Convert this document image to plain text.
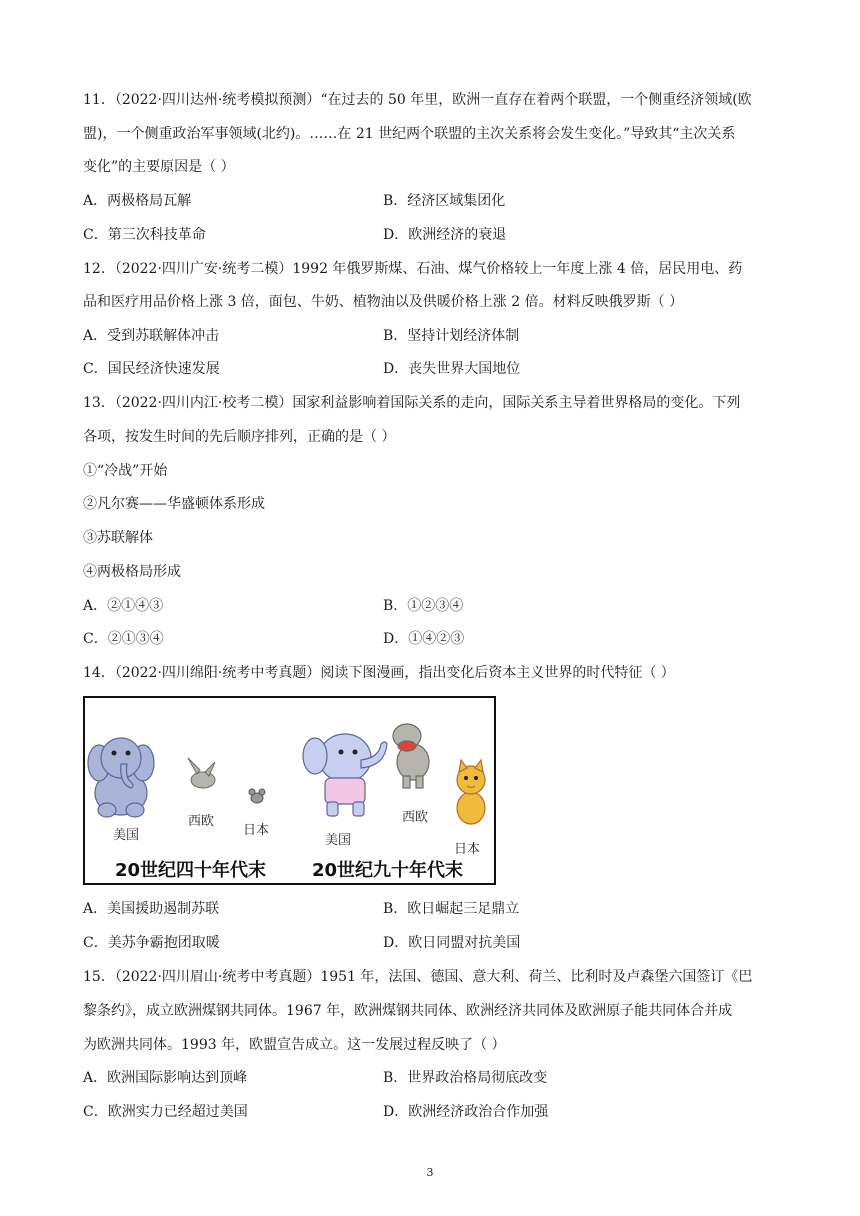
11．（2022·四川达州·统考模拟预测）“在过去的 50 年里，欧洲一直存在着两个联盟，一个侧重经济领域(欧
盟)，一个侧重政治军事领域(北约)。……在 21 世纪两个联盟的主次关系将会发生变化。”导致其“主次关系
变化”的主要原因是（ ）
A．两极格局瓦解	B．经济区域集团化
C．第三次科技革命	D．欧洲经济的衰退
12．（2022·四川广安·统考二模）1992 年俄罗斯煤、石油、煤气价格较上一年度上涨 4 倍，居民用电、药
品和医疗用品价格上涨 3 倍，面包、牛奶、植物油以及供暖价格上涨 2 倍。材料反映俄罗斯（ ）
A．受到苏联解体冲击	B．坚持计划经济体制
C．国民经济快速发展	D．丧失世界大国地位
13．（2022·四川内江·校考二模）国家利益影响着国际关系的走向，国际关系主导着世界格局的变化。下列
各项，按发生时间的先后顺序排列，正确的是（ ）
①“冷战”开始
②凡尔赛——华盛顿体系形成
③苏联解体
④两极格局形成
A．②①④③	B．①②③④
C．②①③④	D．①④②③
14．（2022·四川绵阳·统考中考真题）阅读下图漫画，指出变化后资本主义世界的时代特征（ ）
美国
西欧
日本
美国
西欧
日本
20世纪四十年代末	20世纪九十年代末
A．美国援助遏制苏联	B．欧日崛起三足鼎立
C．美苏争霸抱团取暖	D．欧日同盟对抗美国
15．（2022·四川眉山·统考中考真题）1951 年，法国、德国、意大利、荷兰、比利时及卢森堡六国签订《巴
黎条约》，成立欧洲煤钢共同体。1967 年，欧洲煤钢共同体、欧洲经济共同体及欧洲原子能共同体合并成
为欧洲共同体。1993 年，欧盟宣告成立。这一发展过程反映了（ ）
A．欧洲国际影响达到顶峰	B．世界政治格局彻底改变
C．欧洲实力已经超过美国	D．欧洲经济政治合作加强
3
